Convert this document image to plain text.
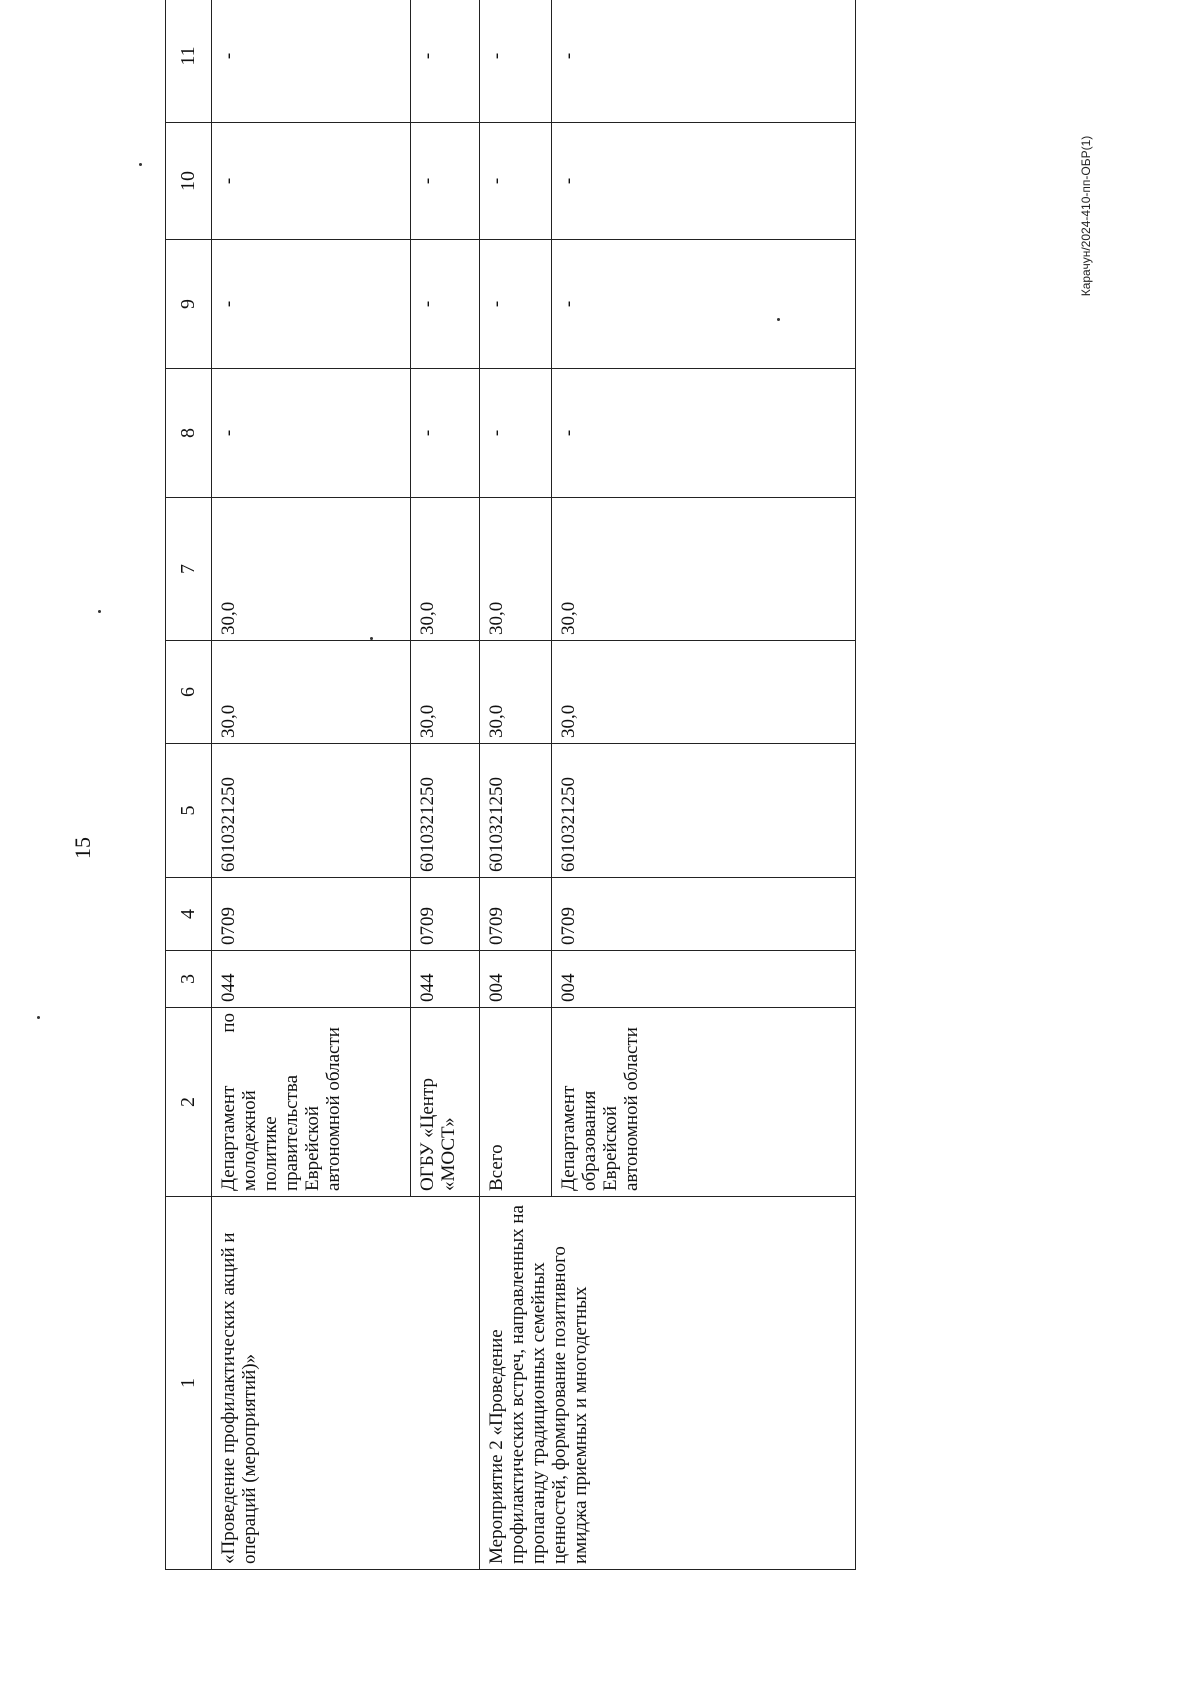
15
Карачун/2024-410-пп-ОБР(1)
1	2	3	4	5	6	7	8	9	10	11
«Проведение профилактических акций и операций (мероприятий)»	Департамент по молодежной политике правительства Еврейской автономной области	044	0709	6010321250	30,0	30,0	-	-	-	-
	ОГБУ «Центр «МОСТ»	044	0709	6010321250	30,0	30,0	-	-	-	-
Мероприятие 2 «Проведение профилактических встреч, направленных на пропаганду традиционных семейных ценностей, формирование позитивного имиджа приемных и многодетных	Всего	004	0709	6010321250	30,0	30,0	-	-	-	-
	Департамент образования Еврейской автономной области	004	0709	6010321250	30,0	30,0	-	-	-	-
